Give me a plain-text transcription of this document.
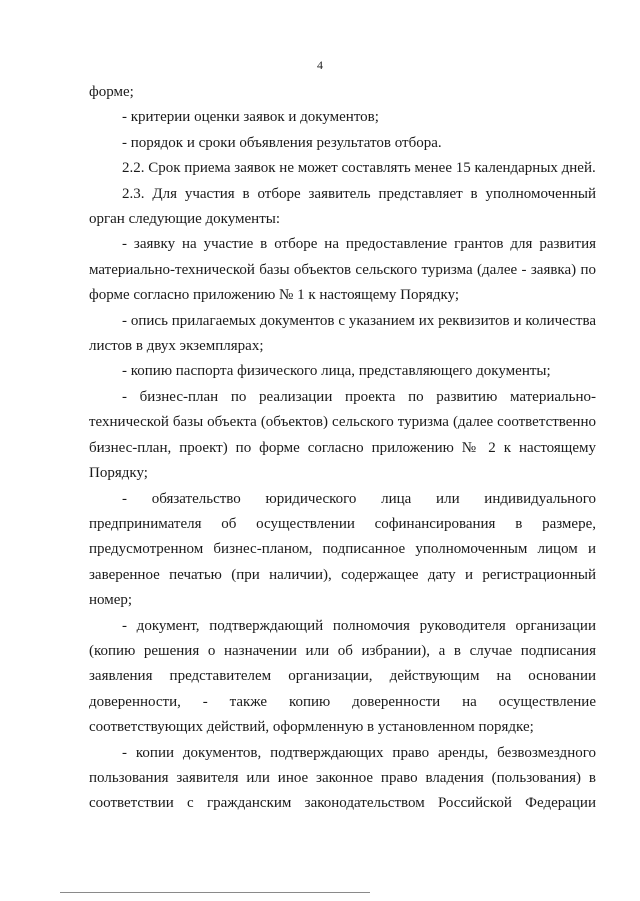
4

форме;

- критерии оценки заявок и документов;

- порядок и сроки объявления результатов отбора.

2.2. Срок приема заявок не может составлять менее 15 календарных дней.

2.3. Для участия в отборе заявитель представляет в уполномоченный орган следующие документы:

- заявку на участие в отборе на предоставление грантов для развития материально-технической базы объектов сельского туризма (далее - заявка) по форме согласно приложению № 1 к настоящему Порядку;

- опись прилагаемых документов с указанием их реквизитов и количества листов в двух экземплярах;

- копию паспорта физического лица, представляющего документы;

- бизнес-план по реализации проекта по развитию материально-технической базы объекта (объектов) сельского туризма (далее соответственно бизнес-план, проект) по форме согласно приложению № 2 к настоящему Порядку;

- обязательство юридического лица или индивидуального предпринимателя об осуществлении софинансирования в размере, предусмотренном бизнес-планом, подписанное уполномоченным лицом и заверенное печатью (при наличии), содержащее дату и регистрационный номер;

- документ, подтверждающий полномочия руководителя организации (копию решения о назначении или об избрании), а в случае подписания заявления представителем организации, действующим на основании доверенности, - также копию доверенности на осуществление соответствующих действий, оформленную в установленном порядке;

- копии документов, подтверждающих право аренды, безвозмездного пользования заявителя или иное законное право владения (пользования) в соответствии с гражданским законодательством Российской Федерации
